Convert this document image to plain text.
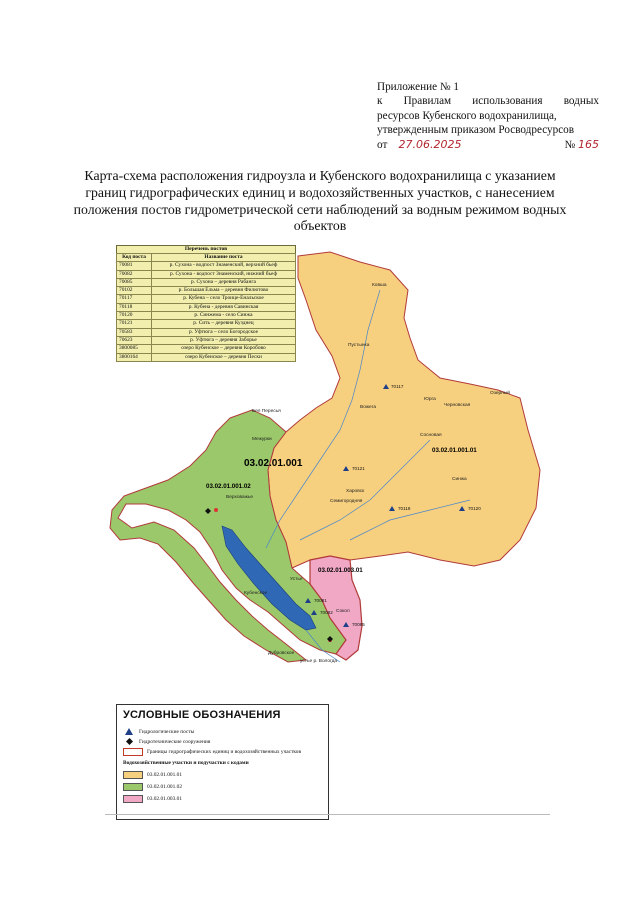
Приложение № 1
к Правилам использования водных
ресурсов Кубенского водохранилища,
утвержденным приказом Росводресурсов
от 27.06.2025	№ 165
Карта-схема расположения гидроузла и Кубенского водохранилища с указанием границ гидрографических единиц и водохозяйственных участков, с нанесением положения постов гидрометрической сети наблюдений за водным режимом водных объектов
03.02.01.001
03.02.01.001.01
03.02.01.001.02
03.02.01.003.01
Ковша
Пустынка
Бел Пересья
Межурки
Вожега	Черновская
Юрга
Озерный
Сосновая
Харовск
Семигородняя
Синжа
Верховажье
Кубенское
Устье
Сокол
Дубровское
устье р. Вологда
70117
70121
70118	70120
70081
70082
70085
Перечень постов
Код поста	Название поста
70081	р. Сухона - водпост Знаменский, верхний бьеф
70082	р. Сухона - водпост Знаменский, нижний бьеф
70085	р. Сухона – деревня Рабанга
70102	р. Большая Ельма – деревня Филютово
70117	р. Кубена – село Троице-Енальское
70118	р. Кубена - деревня Савинская
70120	р. Синжема - село Синжа
70121	р. Сить – деревня Кузднец
70583	р. Уфтюга – село Богородское
70623	р. Уфтюга – деревня Заборье
3800085	озеро Кубенское – деревня Коробово
3800164	озеро Кубенское – деревня Пески
УСЛОВНЫЕ ОБОЗНАЧЕНИЯ
Гидрологические посты
Гидротехнические сооружения
Границы гидрографических единиц и водохозяйственных участков
Водохозяйственные участки и подучастки с кодами
03.02.01.001.01
03.02.01.001.02
03.02.01.003.01
